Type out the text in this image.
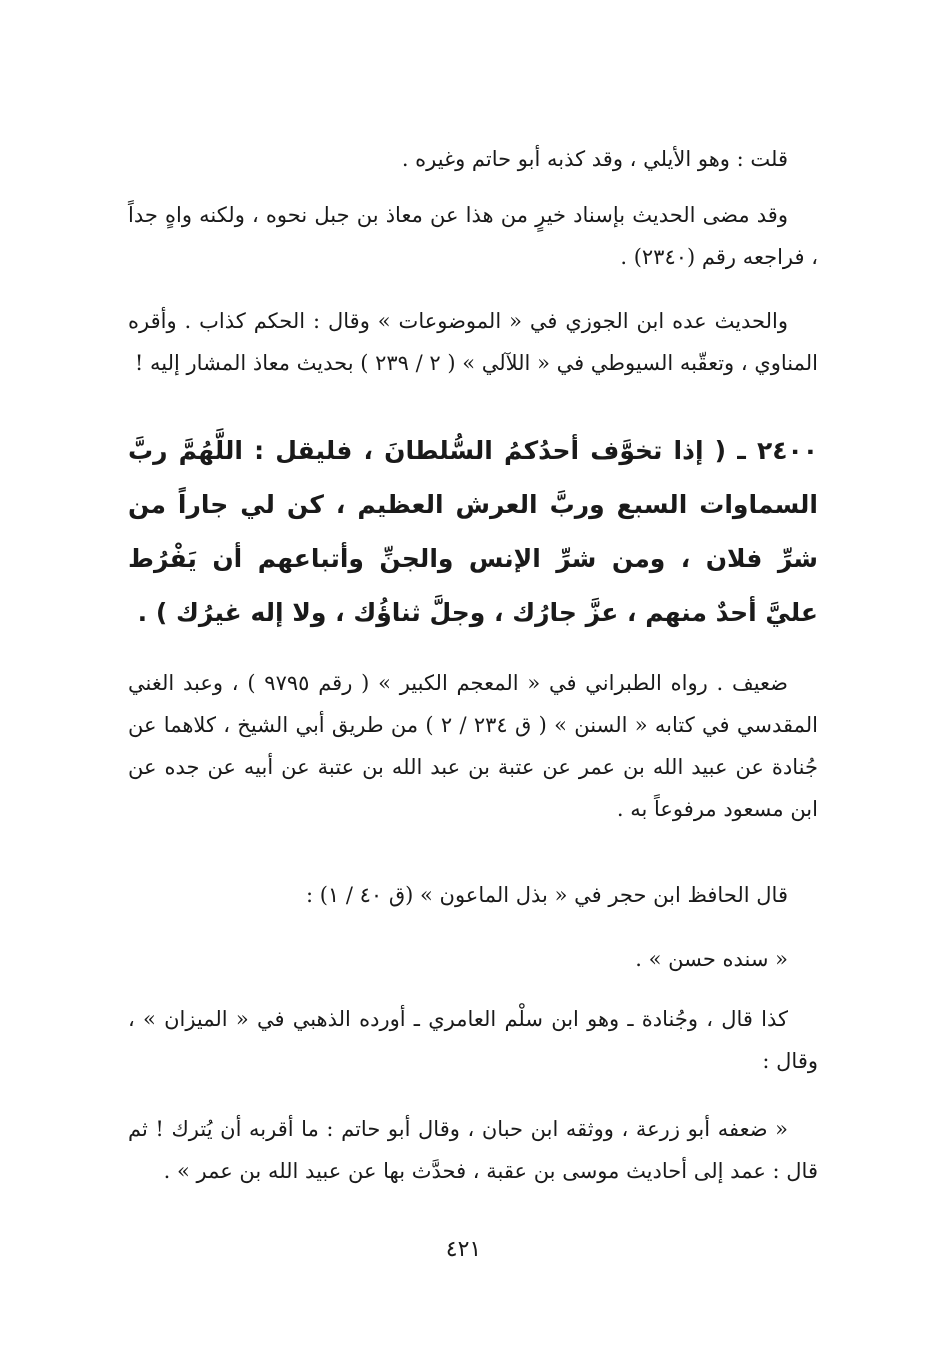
قلت : وهو الأيلي ، وقد كذبه أبو حاتم وغيره .

وقد مضى الحديث بإسناد خيرٍ من هذا عن معاذ بن جبل نحوه ، ولكنه واهٍ جداً ، فراجعه رقم (٢٣٤٠) .

والحديث عده ابن الجوزي في « الموضوعات » وقال : الحكم كذاب . وأقره المناوي ، وتعقّبه السيوطي في « اللآلي » ( ٢ / ٢٣٩ ) بحديث معاذ المشار إليه !

٢٤٠٠ ـ ( إذا تخوَّف أحدُكمُ السُّلطانَ ، فليقل : اللَّهُمَّ ربَّ السماوات السبع وربَّ العرش العظيم ، كن لي جاراً من شرِّ فلان ، ومن شرِّ الإنس والجنِّ وأتباعهم أن يَفْرُط عليَّ أحدٌ منهم ، عزَّ جارُك ، وجلَّ ثناؤُك ، ولا إله غيرُك ) .

ضعيف . رواه الطبراني في « المعجم الكبير » ( رقم ٩٧٩٥ ) ، وعبد الغني المقدسي في كتابه « السنن » ( ق ٢٣٤ / ٢ ) من طريق أبي الشيخ ، كلاهما عن جُنادة عن عبيد الله بن عمر عن عتبة بن عبد الله بن عتبة عن أبيه عن جده عن ابن مسعود مرفوعاً به .

قال الحافظ ابن حجر في « بذل الماعون » (ق ٤٠ / ١) :

« سنده حسن » .

كذا قال ، وجُنادة ـ وهو ابن سلْم العامري ـ أورده الذهبي في « الميزان » ، وقال :

« ضعفه أبو زرعة ، ووثقه ابن حبان ، وقال أبو حاتم : ما أقربه أن يُترك ! ثم قال : عمد إلى أحاديث موسى بن عقبة ، فحدَّث بها عن عبيد الله بن عمر » .

٤٢١
